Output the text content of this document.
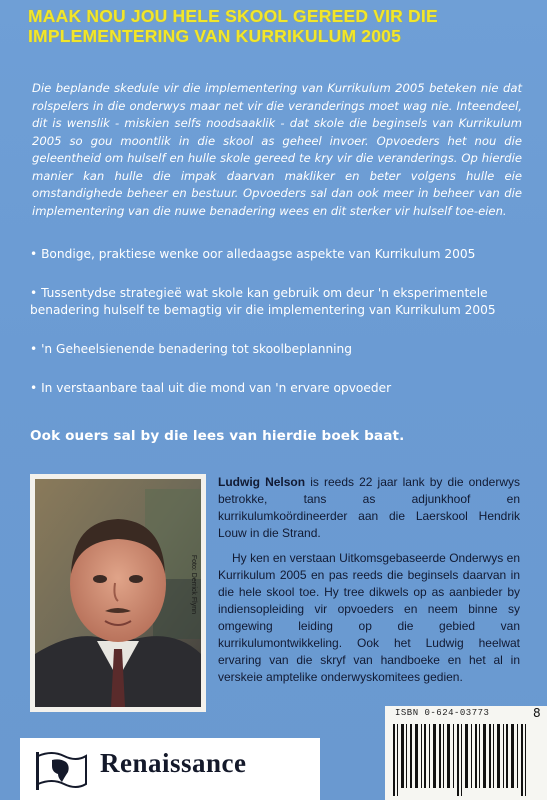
MAAK NOU JOU HELE SKOOL GEREED VIR DIE IMPLEMENTERING VAN KURRIKULUM 2005

Die beplande skedule vir die implementering van Kurrikulum 2005 beteken nie dat rolspelers in die onderwys maar net vir die veranderings moet wag nie. Inteendeel, dit is wenslik - miskien selfs noodsaaklik - dat skole die beginsels van Kurrikulum 2005 so gou moontlik in die skool as geheel invoer. Opvoeders het nou die geleentheid om hulself en hulle skole gereed te kry vir die veranderings. Op hierdie manier kan hulle die impak daarvan makliker en beter volgens hulle eie omstandighede beheer en bestuur. Opvoeders sal dan ook meer in beheer van die implementering van die nuwe benadering wees en dit sterker vir hulself toe-eien.

• Bondige, praktiese wenke oor alledaagse aspekte van Kurrikulum 2005
• Tussentydse strategieë wat skole kan gebruik om deur 'n eksperimentele benadering hulself te bemagtig vir die implementering van Kurrikulum 2005
• 'n Geheelsienende benadering tot skoolbeplanning
• In verstaanbare taal uit die mond van 'n ervare opvoeder

Ook ouers sal by die lees van hierdie boek baat.

Foto: Derrick Flynn

Ludwig Nelson is reeds 22 jaar lank by die onderwys betrokke, tans as adjunkhoof en kurrikulumkoördineerder aan die Laerskool Hendrik Louw in die Strand.

Hy ken en verstaan Uitkomsgebaseerde Onderwys en Kurrikulum 2005 en pas reeds die beginsels daarvan in die hele skool toe. Hy tree dikwels op as aanbieder by indiensopleiding vir opvoeders en neem binne sy omgewing leiding op die gebied van kurrikulumontwikkeling. Ook het Ludwig heelwat ervaring van die skryf van handboeke en het al in verskeie amptelike onderwyskomitees gedien.

ISBN 0-624-03773	8
Renaissance
